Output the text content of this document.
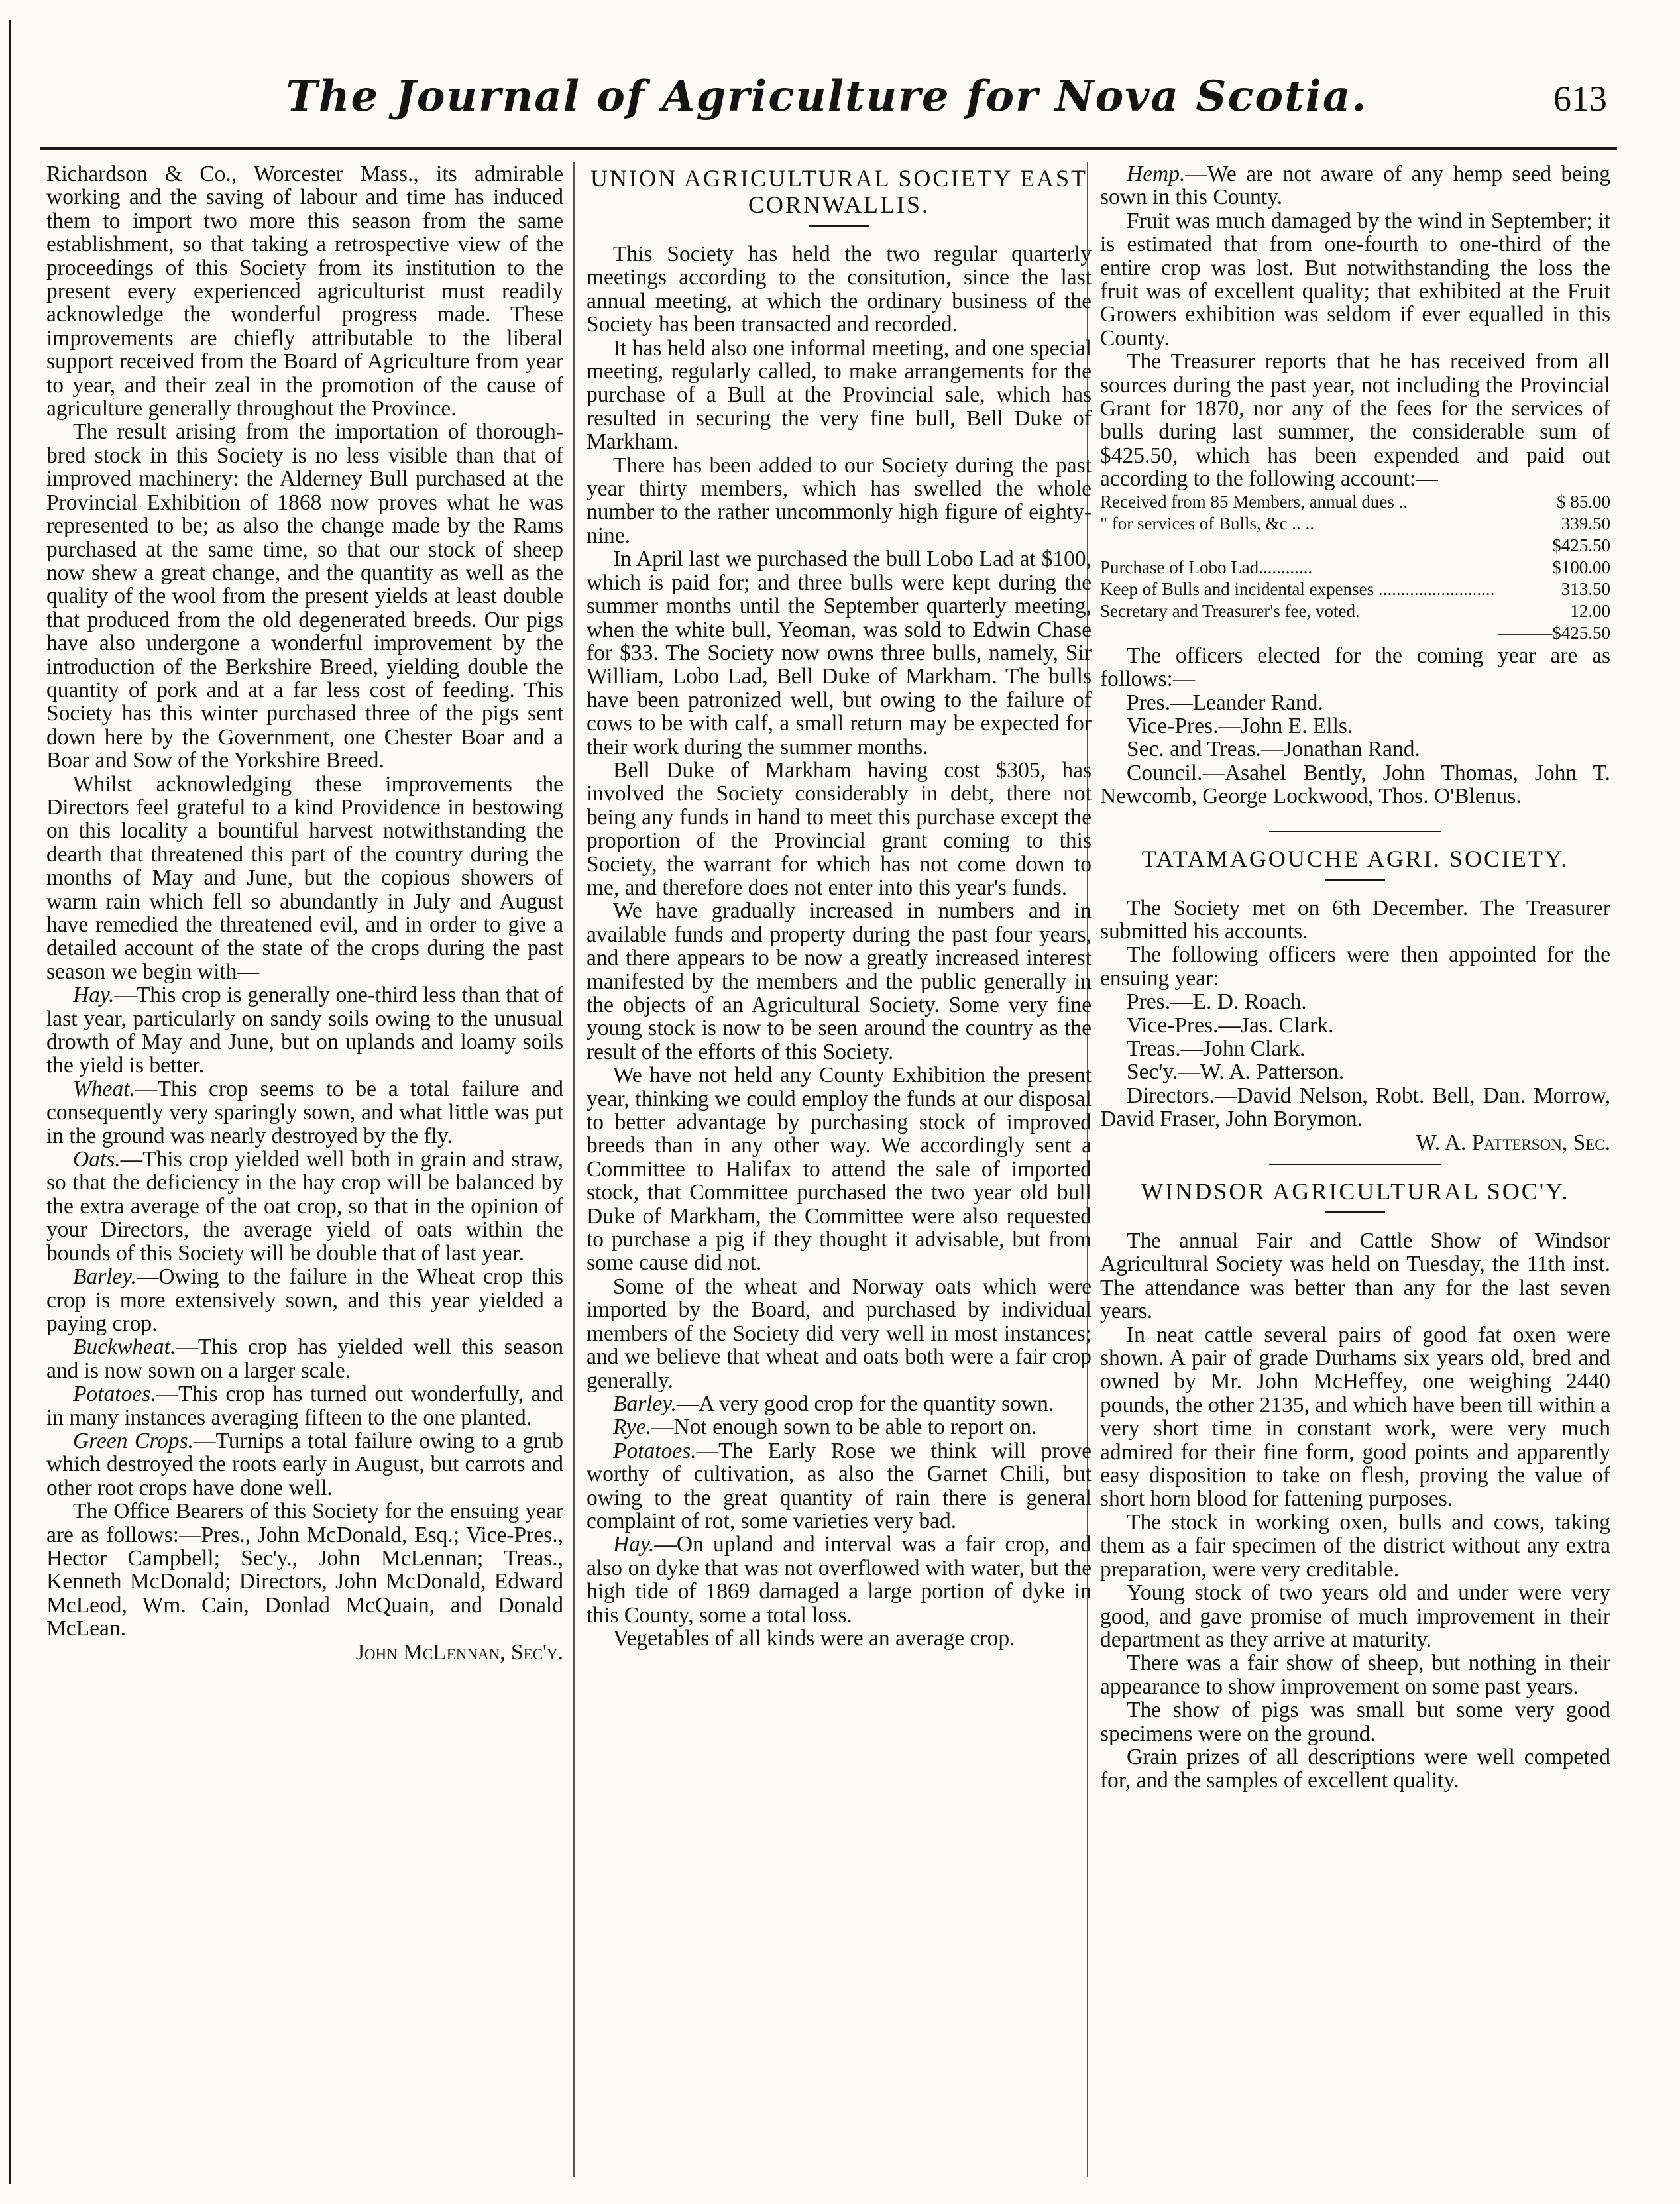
The Journal of Agriculture for Nova Scotia.	613

Richardson & Co., Worcester Mass., its admirable working and the saving of labour and time has induced them to import two more this season from the same establishment, so that taking a retrospective view of the proceedings of this Society from its institution to the present every experienced agriculturist must readily acknowledge the wonderful progress made. These improvements are chiefly attributable to the liberal support received from the Board of Agriculture from year to year, and their zeal in the promotion of the cause of agriculture generally throughout the Province.

The result arising from the importation of thorough-bred stock in this Society is no less visible than that of improved machinery: the Alderney Bull purchased at the Provincial Exhibition of 1868 now proves what he was represented to be; as also the change made by the Rams purchased at the same time, so that our stock of sheep now shew a great change, and the quantity as well as the quality of the wool from the present yields at least double that produced from the old degenerated breeds. Our pigs have also undergone a wonderful improvement by the introduction of the Berkshire Breed, yielding double the quantity of pork and at a far less cost of feeding. This Society has this winter purchased three of the pigs sent down here by the Government, one Chester Boar and a Boar and Sow of the Yorkshire Breed.

Whilst acknowledging these improvements the Directors feel grateful to a kind Providence in bestowing on this locality a bountiful harvest notwithstanding the dearth that threatened this part of the country during the months of May and June, but the copious showers of warm rain which fell so abundantly in July and August have remedied the threatened evil, and in order to give a detailed account of the state of the crops during the past season we begin with—

Hay.—This crop is generally one-third less than that of last year, particularly on sandy soils owing to the unusual drowth of May and June, but on uplands and loamy soils the yield is better.

Wheat.—This crop seems to be a total failure and consequently very sparingly sown, and what little was put in the ground was nearly destroyed by the fly.

Oats.—This crop yielded well both in grain and straw, so that the deficiency in the hay crop will be balanced by the extra average of the oat crop, so that in the opinion of your Directors, the average yield of oats within the bounds of this Society will be double that of last year.

Barley.—Owing to the failure in the Wheat crop this crop is more extensively sown, and this year yielded a paying crop.

Buckwheat.—This crop has yielded well this season and is now sown on a larger scale.

Potatoes.—This crop has turned out wonderfully, and in many instances averaging fifteen to the one planted.

Green Crops.—Turnips a total failure owing to a grub which destroyed the roots early in August, but carrots and other root crops have done well.

The Office Bearers of this Society for the ensuing year are as follows:—Pres., John McDonald, Esq.; Vice-Pres., Hector Campbell; Sec'y., John McLennan; Treas., Kenneth McDonald; Directors, John McDonald, Edward McLeod, Wm. Cain, Donlad McQuain, and Donald McLean.

John McLennan, Sec'y.

UNION AGRICULTURAL SOCIETY EAST CORNWALLIS.

This Society has held the two regular quarterly meetings according to the consitution, since the last annual meeting, at which the ordinary business of the Society has been transacted and recorded.

It has held also one informal meeting, and one special meeting, regularly called, to make arrangements for the purchase of a Bull at the Provincial sale, which has resulted in securing the very fine bull, Bell Duke of Markham.

There has been added to our Society during the past year thirty members, which has swelled the whole number to the rather uncommonly high figure of eighty-nine.

In April last we purchased the bull Lobo Lad at $100, which is paid for; and three bulls were kept during the summer months until the September quarterly meeting, when the white bull, Yeoman, was sold to Edwin Chase for $33. The Society now owns three bulls, namely, Sir William, Lobo Lad, Bell Duke of Markham. The bulls have been patronized well, but owing to the failure of cows to be with calf, a small return may be expected for their work during the summer months.

Bell Duke of Markham having cost $305, has involved the Society considerably in debt, there not being any funds in hand to meet this purchase except the proportion of the Provincial grant coming to this Society, the warrant for which has not come down to me, and therefore does not enter into this year's funds.

We have gradually increased in numbers and in available funds and property during the past four years, and there appears to be now a greatly increased interest manifested by the members and the public generally in the objects of an Agricultural Society. Some very fine young stock is now to be seen around the country as the result of the efforts of this Society.

We have not held any County Exhibition the present year, thinking we could employ the funds at our disposal to better advantage by purchasing stock of improved breeds than in any other way. We accordingly sent a Committee to Halifax to attend the sale of imported stock, that Committee purchased the two year old bull Duke of Markham, the Committee were also requested to purchase a pig if they thought it advisable, but from some cause did not.

Some of the wheat and Norway oats which were imported by the Board, and purchased by individual members of the Society did very well in most instances; and we believe that wheat and oats both were a fair crop generally.

Barley.—A very good crop for the quantity sown.

Rye.—Not enough sown to be able to report on.

Potatoes.—The Early Rose we think will prove worthy of cultivation, as also the Garnet Chili, but owing to the great quantity of rain there is general complaint of rot, some varieties very bad.

Hay.—On upland and interval was a fair crop, and also on dyke that was not overflowed with water, but the high tide of 1869 damaged a large portion of dyke in this County, some a total loss.

Vegetables of all kinds were an average crop.

Hemp.—We are not aware of any hemp seed being sown in this County.

Fruit was much damaged by the wind in September; it is estimated that from one-fourth to one-third of the entire crop was lost. But notwithstanding the loss the fruit was of excellent quality; that exhibited at the Fruit Growers exhibition was seldom if ever equalled in this County.

The Treasurer reports that he has received from all sources during the past year, not including the Provincial Grant for 1870, nor any of the fees for the services of bulls during last summer, the considerable sum of $425.50, which has been expended and paid out according to the following account:—

Received from 85 Members, annual dues ..	$ 85.00
" for services of Bulls, &c .. ..	339.50
$425.50
Purchase of Lobo Lad............	$100.00
Keep of Bulls and incidental expenses ..........................	313.50
Secretary and Treasurer's fee, voted.	12.00
———$425.50

The officers elected for the coming year are as follows:—

Pres.—Leander Rand.

Vice-Pres.—John E. Ells.

Sec. and Treas.—Jonathan Rand.

Council.—Asahel Bently, John Thomas, John T. Newcomb, George Lockwood, Thos. O'Blenus.

TATAMAGOUCHE AGRI. SOCIETY.

The Society met on 6th December. The Treasurer submitted his accounts.

The following officers were then appointed for the ensuing year:

Pres.—E. D. Roach.

Vice-Pres.—Jas. Clark.

Treas.—John Clark.

Sec'y.—W. A. Patterson.

Directors.—David Nelson, Robt. Bell, Dan. Morrow, David Fraser, John Borymon.

W. A. Patterson, Sec.

WINDSOR AGRICULTURAL SOC'Y.

The annual Fair and Cattle Show of Windsor Agricultural Society was held on Tuesday, the 11th inst. The attendance was better than any for the last seven years.

In neat cattle several pairs of good fat oxen were shown. A pair of grade Durhams six years old, bred and owned by Mr. John McHeffey, one weighing 2440 pounds, the other 2135, and which have been till within a very short time in constant work, were very much admired for their fine form, good points and apparently easy disposition to take on flesh, proving the value of short horn blood for fattening purposes.

The stock in working oxen, bulls and cows, taking them as a fair specimen of the district without any extra preparation, were very creditable.

Young stock of two years old and under were very good, and gave promise of much improvement in their department as they arrive at maturity.

There was a fair show of sheep, but nothing in their appearance to show improvement on some past years.

The show of pigs was small but some very good specimens were on the ground.

Grain prizes of all descriptions were well competed for, and the samples of excellent quality.
